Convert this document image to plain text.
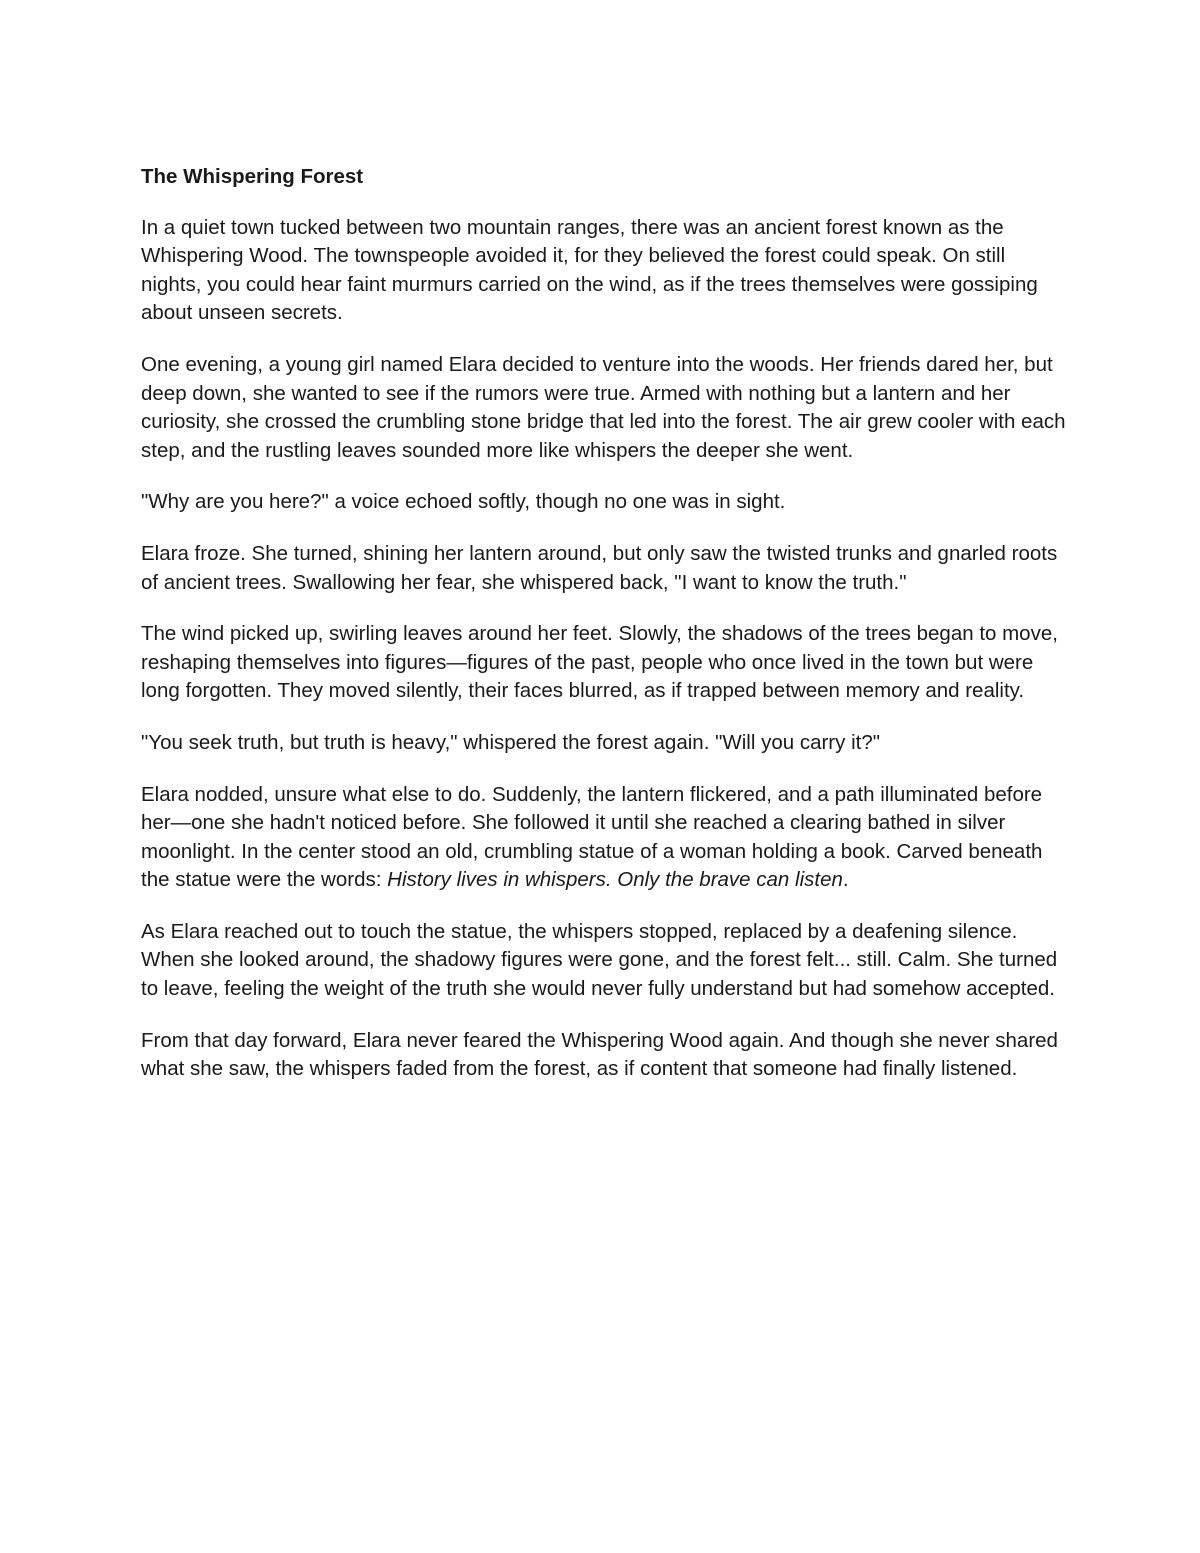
The Whispering Forest

In a quiet town tucked between two mountain ranges, there was an ancient forest known as the Whispering Wood. The townspeople avoided it, for they believed the forest could speak. On still nights, you could hear faint murmurs carried on the wind, as if the trees themselves were gossiping about unseen secrets.

One evening, a young girl named Elara decided to venture into the woods. Her friends dared her, but deep down, she wanted to see if the rumors were true. Armed with nothing but a lantern and her curiosity, she crossed the crumbling stone bridge that led into the forest. The air grew cooler with each step, and the rustling leaves sounded more like whispers the deeper she went.

"Why are you here?" a voice echoed softly, though no one was in sight.

Elara froze. She turned, shining her lantern around, but only saw the twisted trunks and gnarled roots of ancient trees. Swallowing her fear, she whispered back, "I want to know the truth."

The wind picked up, swirling leaves around her feet. Slowly, the shadows of the trees began to move, reshaping themselves into figures—figures of the past, people who once lived in the town but were long forgotten. They moved silently, their faces blurred, as if trapped between memory and reality.

"You seek truth, but truth is heavy," whispered the forest again. "Will you carry it?"

Elara nodded, unsure what else to do. Suddenly, the lantern flickered, and a path illuminated before her—one she hadn't noticed before. She followed it until she reached a clearing bathed in silver moonlight. In the center stood an old, crumbling statue of a woman holding a book. Carved beneath the statue were the words: History lives in whispers. Only the brave can listen.

As Elara reached out to touch the statue, the whispers stopped, replaced by a deafening silence. When she looked around, the shadowy figures were gone, and the forest felt... still. Calm. She turned to leave, feeling the weight of the truth she would never fully understand but had somehow accepted.

From that day forward, Elara never feared the Whispering Wood again. And though she never shared what she saw, the whispers faded from the forest, as if content that someone had finally listened.
